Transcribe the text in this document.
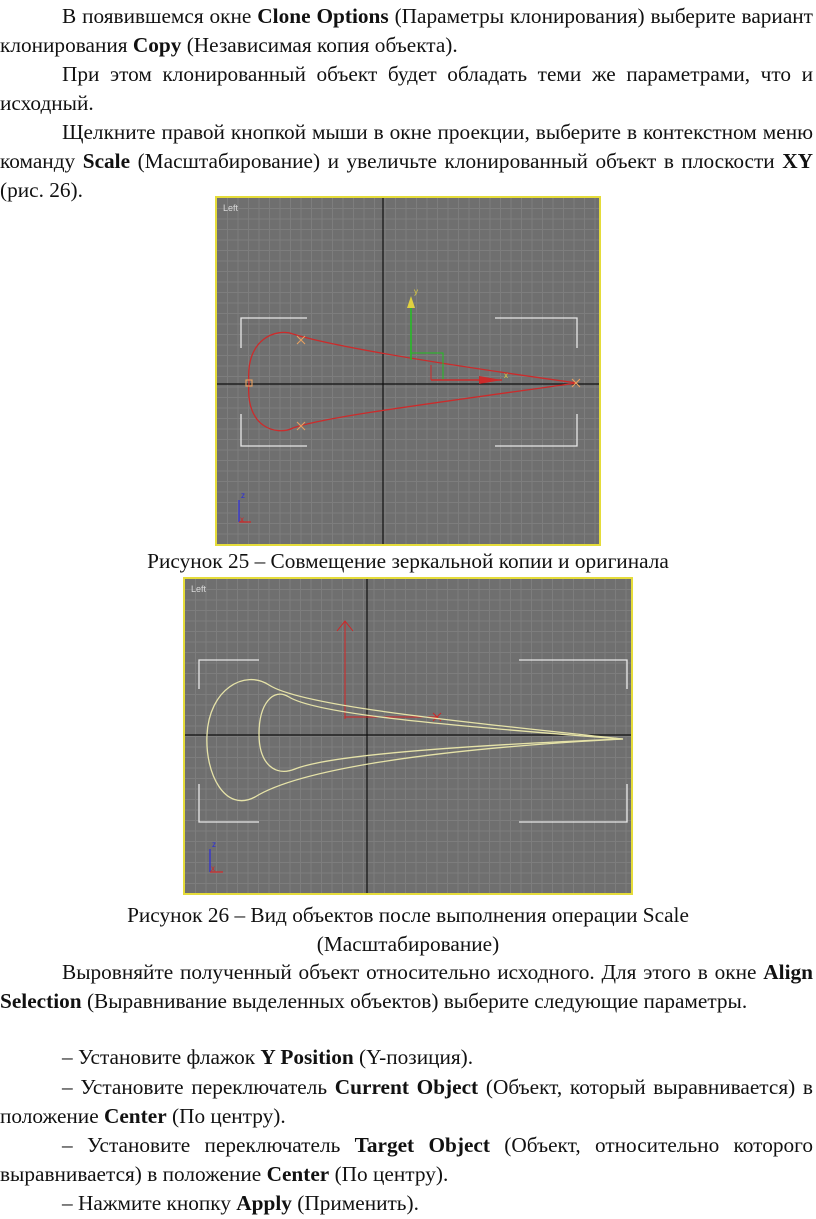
В появившемся окне Clone Options (Параметры клонирования) выберите вариант клонирования Copy (Независимая копия объекта).

При этом клонированный объект будет обладать теми же параметрами, что и исходный.

Щелкните правой кнопкой мыши в окне проекции, выберите в контекстном меню команду Scale (Масштабирование) и увеличьте клонированный объект в плоскости XY (рис. 26).

Left
y
x
z
x
Рисунок 25 – Совмещение зеркальной копии и оригинала
Left
z
x
Рисунок 26 – Вид объектов после выполнения операции Scale
(Масштабирование)

Выровняйте полученный объект относительно исходного. Для этого в окне Align Selection (Выравнивание выделенных объектов) выберите следующие параметры.

– Установите флажок Y Position (Y-позиция).

– Установите переключатель Current Object (Объект, который выравнивается) в положение Center (По центру).

– Установите переключатель Target Object (Объект, относительно которого выравнивается) в положение Center (По центру).

– Нажмите кнопку Apply (Применить).
